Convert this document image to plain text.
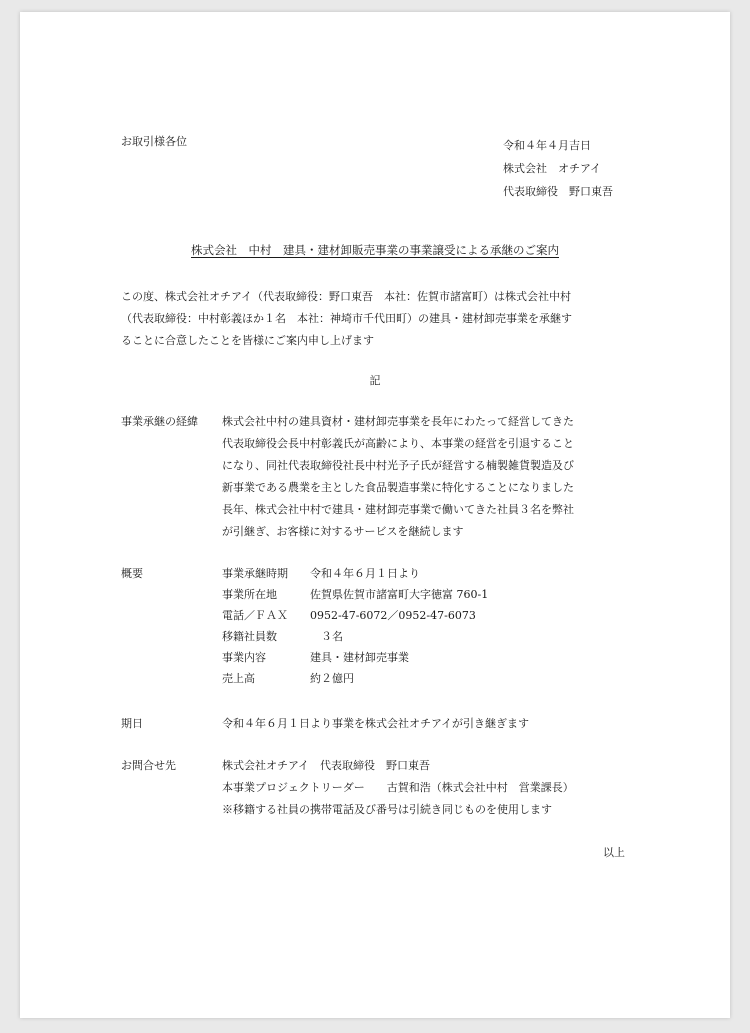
お取引様各位	令和４年４月吉日
株式会社　オチアイ
代表取締役　野口東吾
株式会社　中村　建具・建材卸販売事業の事業譲受による承継のご案内
この度、株式会社オチアイ（代表取締役：野口東吾　本社：佐賀市諸富町）は株式会社中村
（代表取締役：中村彰義ほか１名　本社：神埼市千代田町）の建具・建材卸売事業を承継す
ることに合意したことを皆様にご案内申し上げます
記
事業承継の経緯 株式会社中村の建具資材・建材卸売事業を長年にわたって経営してきた
代表取締役会長中村彰義氏が高齢により、本事業の経営を引退すること
になり、同社代表取締役社長中村光予子氏が経営する楠製雑貨製造及び
新事業である農業を主とした食品製造事業に特化することになりました
長年、株式会社中村で建具・建材卸売事業で働いてきた社員３名を弊社
が引継ぎ、お客様に対するサービスを継続します
概要	事業承継時期	令和４年６月１日より
事業所在地	佐賀県佐賀市諸富町大字徳富 760-1
電話／ＦＡＸ	0952-47-6072／0952-47-6073
移籍社員数	　３名
事業内容	建具・建材卸売事業
売上高	約２億円
期日	令和４年６月１日より事業を株式会社オチアイが引き継ぎます
お問合せ先	株式会社オチアイ　代表取締役　野口東吾
本事業プロジェクトリーダー　　古賀和浩（株式会社中村　営業課長）
※移籍する社員の携帯電話及び番号は引続き同じものを使用します
以上
